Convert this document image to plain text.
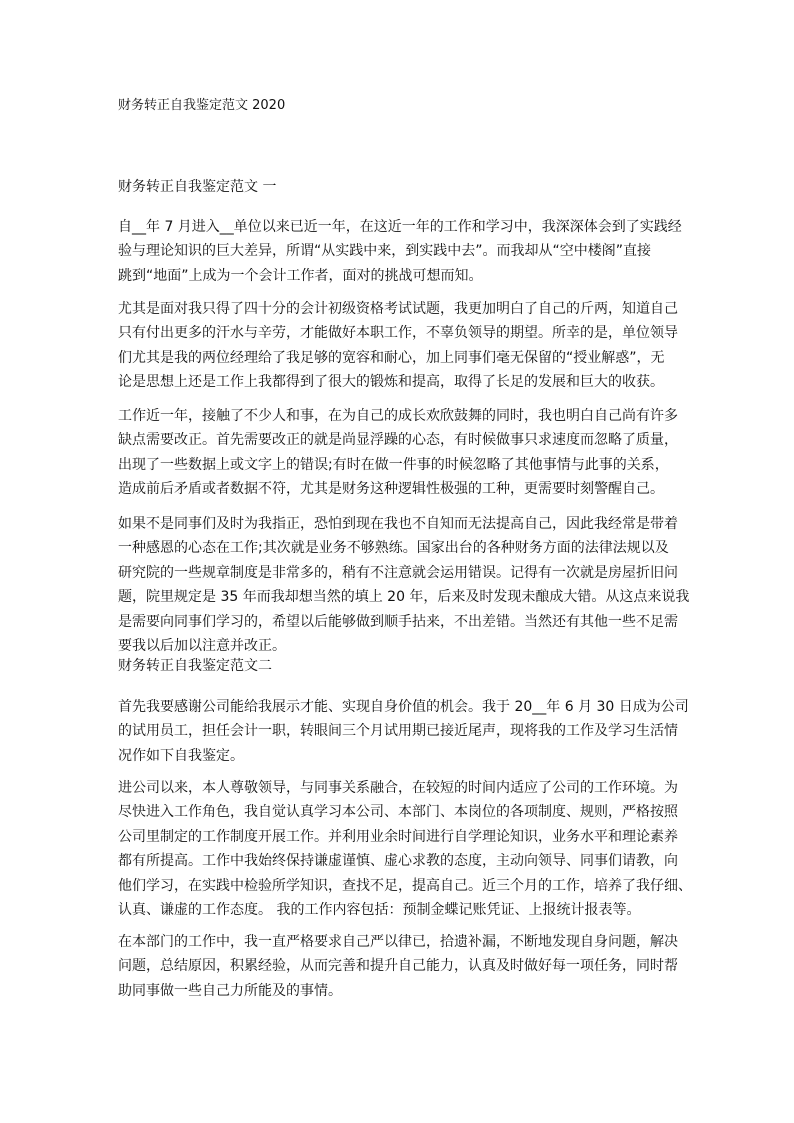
财务转正自我鉴定范文 2020

财务转正自我鉴定范文 一

自__年 7 月进入__单位以来已近一年，在这近一年的工作和学习中，我深深体会到了实践经
验与理论知识的巨大差异，所谓“从实践中来，到实践中去”。而我却从“空中楼阁”直接
跳到“地面”上成为一个会计工作者，面对的挑战可想而知。

尤其是面对我只得了四十分的会计初级资格考试试题，我更加明白了自己的斤两，知道自己
只有付出更多的汗水与辛劳，才能做好本职工作，不辜负领导的期望。所幸的是，单位领导
们尤其是我的两位经理给了我足够的宽容和耐心，加上同事们毫无保留的“授业解惑”，无
论是思想上还是工作上我都得到了很大的锻炼和提高，取得了长足的发展和巨大的收获。

工作近一年，接触了不少人和事，在为自己的成长欢欣鼓舞的同时，我也明白自己尚有许多
缺点需要改正。首先需要改正的就是尚显浮躁的心态，有时候做事只求速度而忽略了质量，
出现了一些数据上或文字上的错误;有时在做一件事的时候忽略了其他事情与此事的关系，
造成前后矛盾或者数据不符，尤其是财务这种逻辑性极强的工种，更需要时刻警醒自己。

如果不是同事们及时为我指正，恐怕到现在我也不自知而无法提高自己，因此我经常是带着
一种感恩的心态在工作;其次就是业务不够熟练。国家出台的各种财务方面的法律法规以及
研究院的一些规章制度是非常多的，稍有不注意就会运用错误。记得有一次就是房屋折旧问
题，院里规定是 35 年而我却想当然的填上 20 年，后来及时发现未酿成大错。从这点来说我
是需要向同事们学习的，希望以后能够做到顺手拈来，不出差错。当然还有其他一些不足需
要我以后加以注意并改正。

财务转正自我鉴定范文二

首先我要感谢公司能给我展示才能、实现自身价值的机会。我于 20__年 6 月 30 日成为公司
的试用员工，担任会计一职，转眼间三个月试用期已接近尾声，现将我的工作及学习生活情
况作如下自我鉴定。

进公司以来，本人尊敬领导，与同事关系融合，在较短的时间内适应了公司的工作环境。为
尽快进入工作角色，我自觉认真学习本公司、本部门、本岗位的各项制度、规则，严格按照
公司里制定的工作制度开展工作。并利用业余时间进行自学理论知识，业务水平和理论素养
都有所提高。工作中我始终保持谦虚谨慎、虚心求教的态度，主动向领导、同事们请教，向
他们学习，在实践中检验所学知识，查找不足，提高自己。近三个月的工作，培养了我仔细、
认真、谦虚的工作态度。 我的工作内容包括：预制金蝶记账凭证、上报统计报表等。

在本部门的工作中，我一直严格要求自己严以律已，拾遗补漏，不断地发现自身问题，解决
问题，总结原因，积累经验，从而完善和提升自己能力，认真及时做好每一项任务，同时帮
助同事做一些自己力所能及的事情。
